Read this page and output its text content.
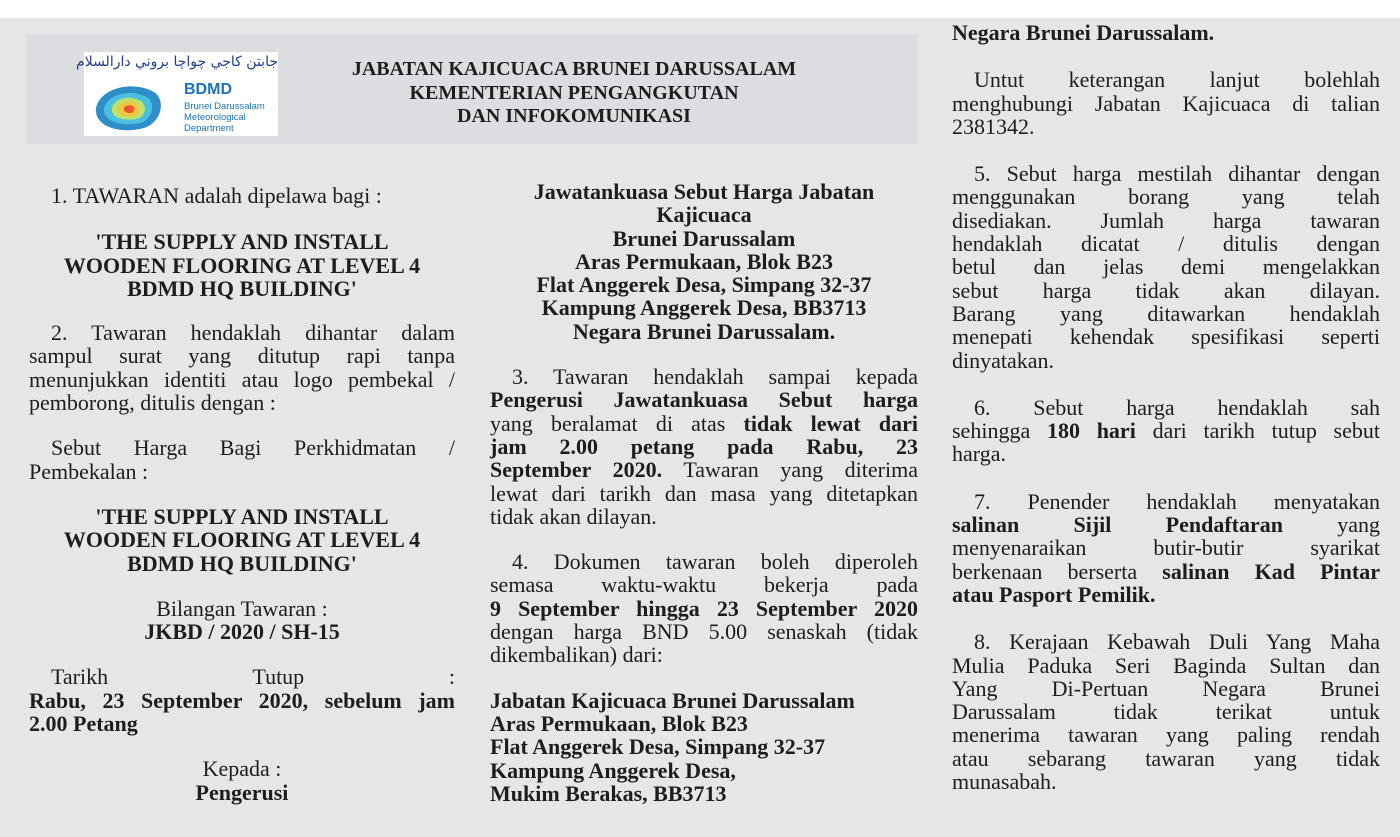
جابتن كاجي چواچا بروني دارالسلام
BDMD
Brunei Darussalam
Meteorological
Department
JABATAN KAJICUACA BRUNEI DARUSSALAM
KEMENTERIAN PENGANGKUTAN
DAN INFOKOMUNIKASI

1. TAWARAN adalah dipelawa bagi :

'THE SUPPLY AND INSTALL
WOODEN FLOORING AT LEVEL 4
BDMD HQ BUILDING'

2. Tawaran hendaklah dihantar dalam

sampul surat yang ditutup rapi tanpa

menunjukkan identiti atau logo pembekal /

pemborong, ditulis dengan :

Sebut Harga Bagi Perkhidmatan /

Pembekalan :

'THE SUPPLY AND INSTALL
WOODEN FLOORING AT LEVEL 4
BDMD HQ BUILDING'
Bilangan Tawaran :
JKBD / 2020 / SH-15

Tarikh Tutup :

Rabu, 23 September 2020, sebelum jam

2.00 Petang

Kepada :
Pengerusi
Jawatankuasa Sebut Harga Jabatan
Kajicuaca
Brunei Darussalam
Aras Permukaan, Blok B23
Flat Anggerek Desa, Simpang 32-37
Kampung Anggerek Desa, BB3713
Negara Brunei Darussalam.

3. Tawaran hendaklah sampai kepada

Pengerusi Jawatankuasa Sebut harga

yang beralamat di atas tidak lewat dari

jam 2.00 petang pada Rabu, 23

September 2020. Tawaran yang diterima

lewat dari tarikh dan masa yang ditetapkan

tidak akan dilayan.

4. Dokumen tawaran boleh diperoleh

semasa waktu-waktu bekerja pada

9 September hingga 23 September 2020

dengan harga BND 5.00 senaskah (tidak

dikembalikan) dari:

Jabatan Kajicuaca Brunei Darussalam
Aras Permukaan, Blok B23
Flat Anggerek Desa, Simpang 32-37
Kampung Anggerek Desa,
Mukim Berakas, BB3713

Negara Brunei Darussalam.

Untut keterangan lanjut bolehlah

menghubungi Jabatan Kajicuaca di talian

2381342.

5. Sebut harga mestilah dihantar dengan

menggunakan borang yang telah

disediakan. Jumlah harga tawaran

hendaklah dicatat / ditulis dengan

betul dan jelas demi mengelakkan

sebut harga tidak akan dilayan.

Barang yang ditawarkan hendaklah

menepati kehendak spesifikasi seperti

dinyatakan.

6. Sebut harga hendaklah sah

sehingga 180 hari dari tarikh tutup sebut

harga.

7. Penender hendaklah menyatakan

salinan Sijil Pendaftaran yang

menyenaraikan butir-butir syarikat

berkenaan berserta salinan Kad Pintar

atau Pasport Pemilik.

8. Kerajaan Kebawah Duli Yang Maha

Mulia Paduka Seri Baginda Sultan dan

Yang Di-Pertuan Negara Brunei

Darussalam tidak terikat untuk

menerima tawaran yang paling rendah

atau sebarang tawaran yang tidak

munasabah.
